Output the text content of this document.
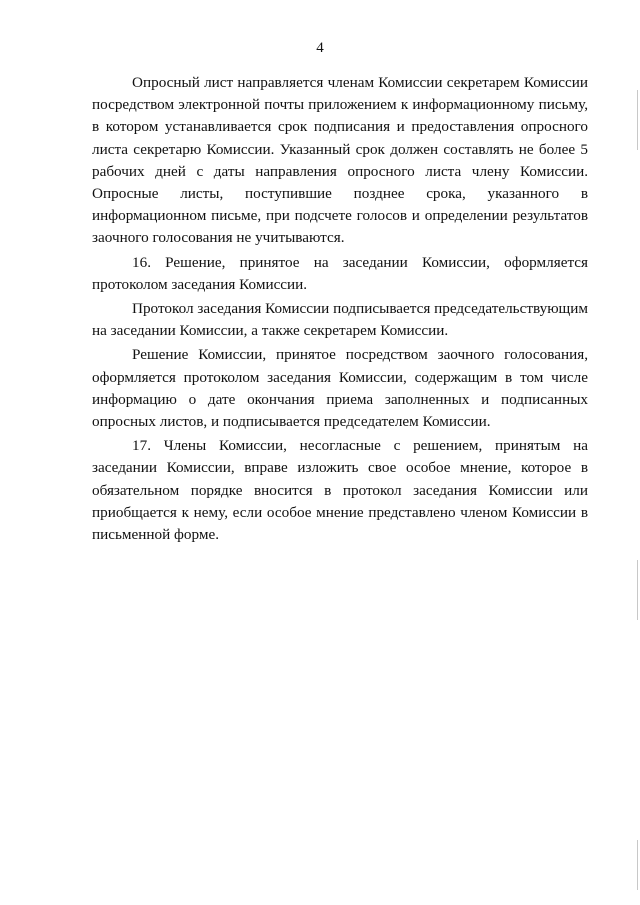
4

Опросный лист направляется членам Комиссии секретарем Комиссии посредством электронной почты приложением к информационному письму, в котором устанавливается срок подписания и предоставления опросного листа секретарю Комиссии. Указанный срок должен составлять не более 5 рабочих дней с даты направления опросного листа члену Комиссии. Опросные листы, поступившие позднее срока, указанного в информационном письме, при подсчете голосов и определении результатов заочного голосования не учитываются.

16. Решение, принятое на заседании Комиссии, оформляется протоколом заседания Комиссии.

Протокол заседания Комиссии подписывается председательствующим на заседании Комиссии, а также секретарем Комиссии.

Решение Комиссии, принятое посредством заочного голосования, оформляется протоколом заседания Комиссии, содержащим в том числе информацию о дате окончания приема заполненных и подписанных опросных листов, и подписывается председателем Комиссии.

17. Члены Комиссии, несогласные с решением, принятым на заседании Комиссии, вправе изложить свое особое мнение, которое в обязательном порядке вносится в протокол заседания Комиссии или приобщается к нему, если особое мнение представлено членом Комиссии в письменной форме.
